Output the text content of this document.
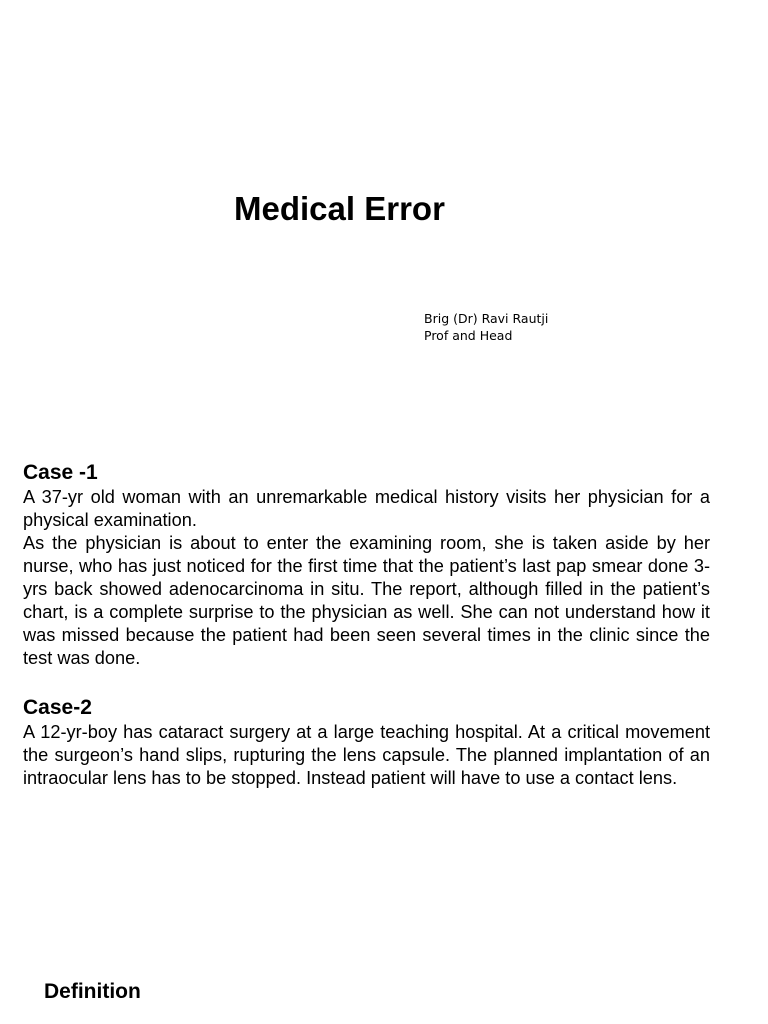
Medical Error
Brig (Dr) Ravi Rautji
Prof and Head
Case -1

A 37-yr old woman with an unremarkable medical history visits her physician for a physical examination.

As the physician is about to enter the examining room, she is taken aside by her nurse, who has just noticed for the first time that the patient’s last pap smear done 3-yrs back showed adenocarcinoma in situ. The report, although filled in the patient’s chart, is a complete surprise to the physician as well. She can not understand how it was missed because the patient had been seen several times in the clinic since the test was done.

Case-2

A 12-yr-boy has cataract surgery at a large teaching hospital. At a critical movement the surgeon’s hand slips, rupturing the lens capsule. The planned implantation of an intraocular lens has to be stopped. Instead patient will have to use a contact lens.

Definition
